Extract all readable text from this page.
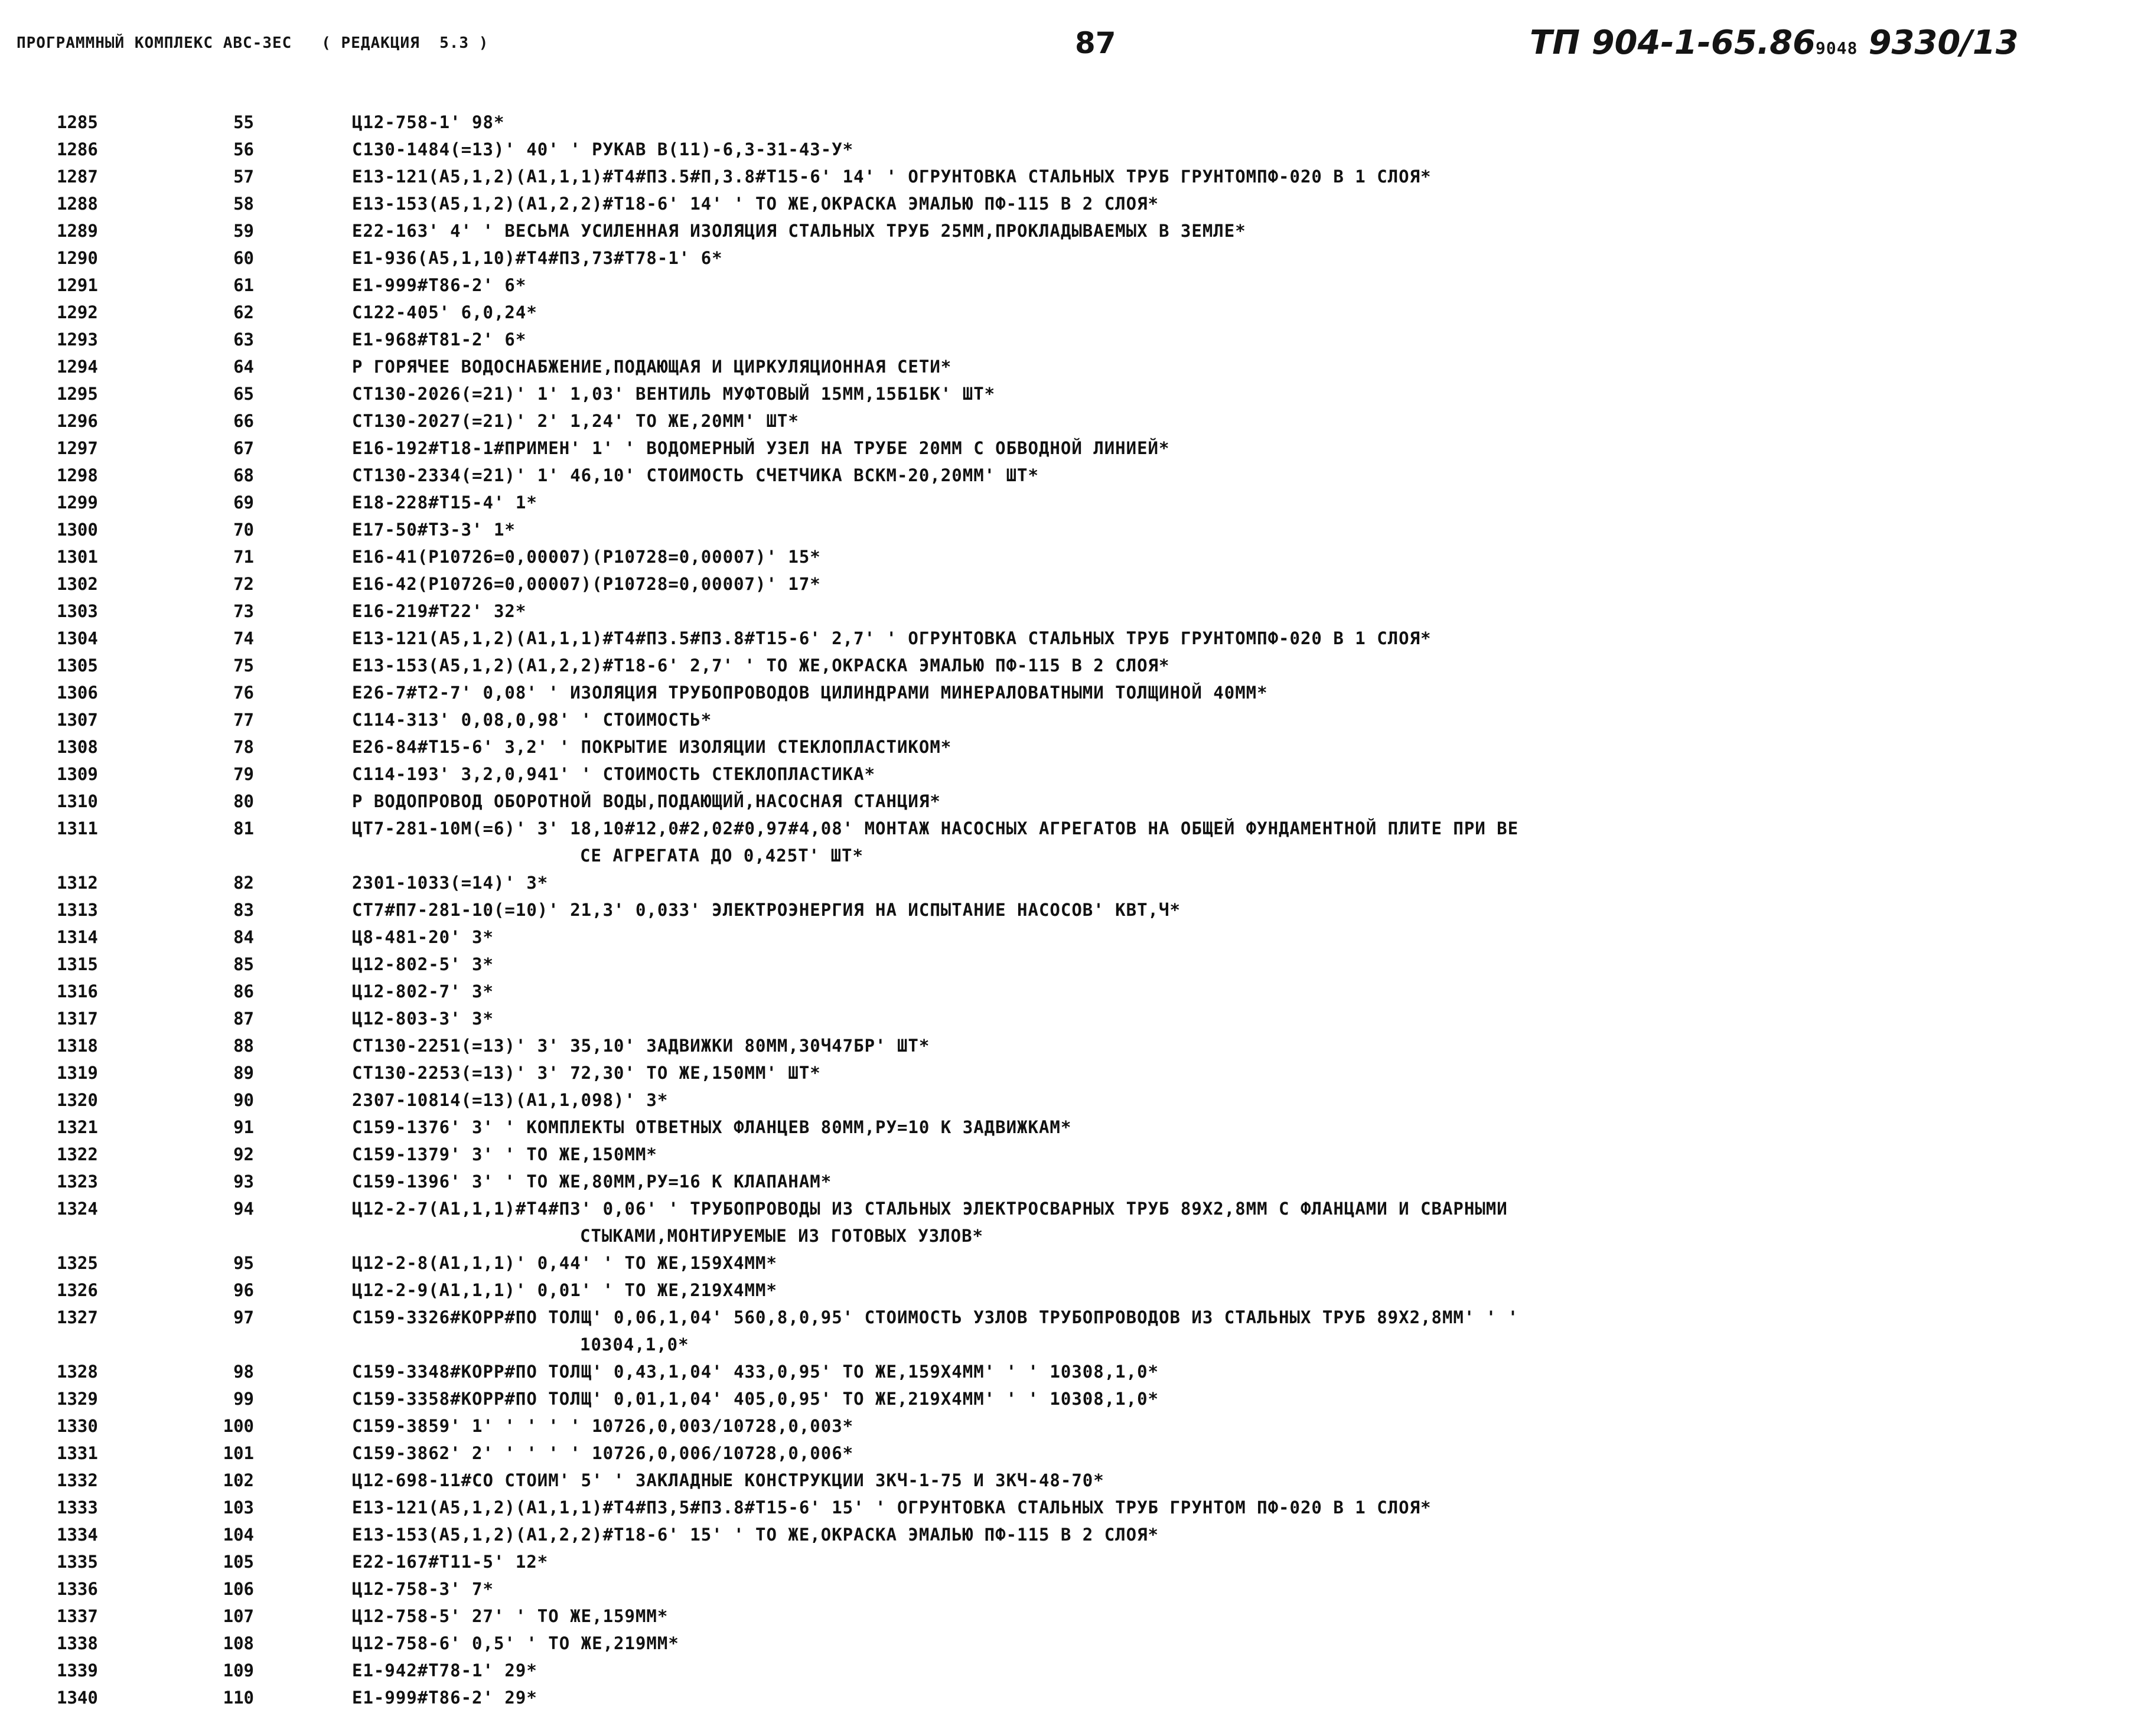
ПРОГРАММНЫЙ КОМПЛЕКС АВС-ЗЕС   ( РЕДАКЦИЯ  5.3 )	87	ТП 904-1-65.869048 9330/13
1285	55	Ц12-758-1' 98*
1286	56	С130-1484(=13)' 40' ' РУКАВ В(11)-6,3-31-43-У*
1287	57	Е13-121(А5,1,2)(А1,1,1)#Т4#П3.5#П,3.8#Т15-6' 14' ' ОГРУНТОВКА СТАЛЬНЫХ ТРУБ ГРУНТОМПФ-020 В 1 СЛОЯ*
1288	58	Е13-153(А5,1,2)(А1,2,2)#Т18-6' 14' ' ТО ЖЕ,ОКРАСКА ЭМАЛЬЮ ПФ-115 В 2 СЛОЯ*
1289	59	Е22-163' 4' ' ВЕСЬМА УСИЛЕННАЯ ИЗОЛЯЦИЯ СТАЛЬНЫХ ТРУБ 25ММ,ПРОКЛАДЫВАЕМЫХ В ЗЕМЛЕ*
1290	60	Е1-936(А5,1,10)#Т4#П3,73#Т78-1' 6*
1291	61	Е1-999#Т86-2' 6*
1292	62	С122-405' 6,0,24*
1293	63	Е1-968#Т81-2' 6*
1294	64	Р ГОРЯЧЕЕ ВОДОСНАБЖЕНИЕ,ПОДАЮЩАЯ И ЦИРКУЛЯЦИОННАЯ СЕТИ*
1295	65	СТ130-2026(=21)' 1' 1,03' ВЕНТИЛЬ МУФТОВЫЙ 15ММ,15Б1БК' ШТ*
1296	66	СТ130-2027(=21)' 2' 1,24' ТО ЖЕ,20ММ' ШТ*
1297	67	Е16-192#Т18-1#ПРИМЕН' 1' ' ВОДОМЕРНЫЙ УЗЕЛ НА ТРУБЕ 20ММ С ОБВОДНОЙ ЛИНИЕЙ*
1298	68	СТ130-2334(=21)' 1' 46,10' СТОИМОСТЬ СЧЕТЧИКА ВСКМ-20,20ММ' ШТ*
1299	69	Е18-228#Т15-4' 1*
1300	70	Е17-50#Т3-3' 1*
1301	71	Е16-41(Р10726=0,00007)(Р10728=0,00007)' 15*
1302	72	Е16-42(Р10726=0,00007)(Р10728=0,00007)' 17*
1303	73	Е16-219#Т22' 32*
1304	74	Е13-121(А5,1,2)(А1,1,1)#Т4#П3.5#П3.8#Т15-6' 2,7' ' ОГРУНТОВКА СТАЛЬНЫХ ТРУБ ГРУНТОМПФ-020 В 1 СЛОЯ*
1305	75	Е13-153(А5,1,2)(А1,2,2)#Т18-6' 2,7' ' ТО ЖЕ,ОКРАСКА ЭМАЛЬЮ ПФ-115 В 2 СЛОЯ*
1306	76	Е26-7#Т2-7' 0,08' ' ИЗОЛЯЦИЯ ТРУБОПРОВОДОВ ЦИЛИНДРАМИ МИНЕРАЛОВАТНЫМИ ТОЛЩИНОЙ 40ММ*
1307	77	С114-313' 0,08,0,98' ' СТОИМОСТЬ*
1308	78	Е26-84#Т15-6' 3,2' ' ПОКРЫТИЕ ИЗОЛЯЦИИ СТЕКЛОПЛАСТИКОМ*
1309	79	С114-193' 3,2,0,941' ' СТОИМОСТЬ СТЕКЛОПЛАСТИКА*
1310	80	Р ВОДОПРОВОД ОБОРОТНОЙ ВОДЫ,ПОДАЮЩИЙ,НАСОСНАЯ СТАНЦИЯ*
1311	81	ЦТ7-281-10М(=6)' 3' 18,10#12,0#2,02#0,97#4,08' МОНТАЖ НАСОСНЫХ АГРЕГАТОВ НА ОБЩЕЙ ФУНДАМЕНТНОЙ ПЛИТЕ ПРИ ВЕ
СЕ АГРЕГАТА ДО 0,425Т' ШТ*
1312	82	2301-1033(=14)' 3*
1313	83	СТ7#П7-281-10(=10)' 21,3' 0,033' ЭЛЕКТРОЭНЕРГИЯ НА ИСПЫТАНИЕ НАСОСОВ' КВТ,Ч*
1314	84	Ц8-481-20' 3*
1315	85	Ц12-802-5' 3*
1316	86	Ц12-802-7' 3*
1317	87	Ц12-803-3' 3*
1318	88	СТ130-2251(=13)' 3' 35,10' ЗАДВИЖКИ 80ММ,30Ч47БР' ШТ*
1319	89	СТ130-2253(=13)' 3' 72,30' ТО ЖЕ,150ММ' ШТ*
1320	90	2307-10814(=13)(А1,1,098)' 3*
1321	91	С159-1376' 3' ' КОМПЛЕКТЫ ОТВЕТНЫХ ФЛАНЦЕВ 80ММ,РУ=10 К ЗАДВИЖКАМ*
1322	92	С159-1379' 3' ' ТО ЖЕ,150ММ*
1323	93	С159-1396' 3' ' ТО ЖЕ,80ММ,РУ=16 К КЛАПАНАМ*
1324	94	Ц12-2-7(А1,1,1)#Т4#П3' 0,06' ' ТРУБОПРОВОДЫ ИЗ СТАЛЬНЫХ ЭЛЕКТРОСВАРНЫХ ТРУБ 89Х2,8ММ С ФЛАНЦАМИ И СВАРНЫМИ
СТЫКАМИ,МОНТИРУЕМЫЕ ИЗ ГОТОВЫХ УЗЛОВ*
1325	95	Ц12-2-8(А1,1,1)' 0,44' ' ТО ЖЕ,159Х4ММ*
1326	96	Ц12-2-9(А1,1,1)' 0,01' ' ТО ЖЕ,219Х4ММ*
1327	97	С159-3326#КОРР#ПО ТОЛЩ' 0,06,1,04' 560,8,0,95' СТОИМОСТЬ УЗЛОВ ТРУБОПРОВОДОВ ИЗ СТАЛЬНЫХ ТРУБ 89Х2,8ММ' ' '
10304,1,0*
1328	98	С159-3348#КОРР#ПО ТОЛЩ' 0,43,1,04' 433,0,95' ТО ЖЕ,159Х4ММ' ' ' 10308,1,0*
1329	99	С159-3358#КОРР#ПО ТОЛЩ' 0,01,1,04' 405,0,95' ТО ЖЕ,219Х4ММ' ' ' 10308,1,0*
1330	100	С159-3859' 1' ' ' ' ' 10726,0,003/10728,0,003*
1331	101	С159-3862' 2' ' ' ' ' 10726,0,006/10728,0,006*
1332	102	Ц12-698-11#СО СТОИМ' 5' ' ЗАКЛАДНЫЕ КОНСТРУКЦИИ 3КЧ-1-75 И 3КЧ-48-70*
1333	103	Е13-121(А5,1,2)(А1,1,1)#Т4#П3,5#П3.8#Т15-6' 15' ' ОГРУНТОВКА СТАЛЬНЫХ ТРУБ ГРУНТОМ ПФ-020 В 1 СЛОЯ*
1334	104	Е13-153(А5,1,2)(А1,2,2)#Т18-6' 15' ' ТО ЖЕ,ОКРАСКА ЭМАЛЬЮ ПФ-115 В 2 СЛОЯ*
1335	105	Е22-167#Т11-5' 12*
1336	106	Ц12-758-3' 7*
1337	107	Ц12-758-5' 27' ' ТО ЖЕ,159ММ*
1338	108	Ц12-758-6' 0,5' ' ТО ЖЕ,219ММ*
1339	109	Е1-942#Т78-1' 29*
1340	110	Е1-999#Т86-2' 29*
